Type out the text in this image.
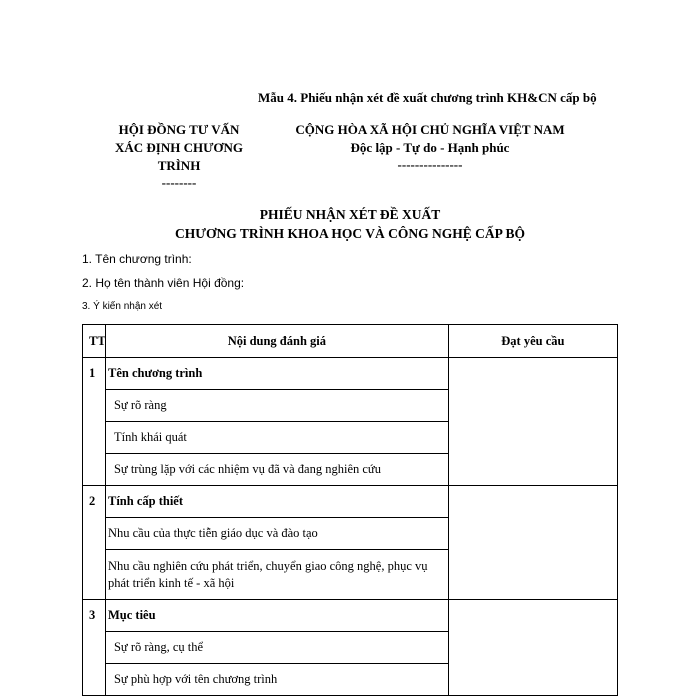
Mẫu 4. Phiếu nhận xét đề xuất chương trình KH&CN cấp bộ
HỘI ĐỒNG TƯ VẤN
XÁC ĐỊNH CHƯƠNG
TRÌNH
--------
CỘNG HÒA XÃ HỘI CHỦ NGHĨA VIỆT NAM
Độc lập - Tự do - Hạnh phúc
---------------
PHIẾU NHẬN XÉT ĐỀ XUẤT
CHƯƠNG TRÌNH KHOA HỌC VÀ CÔNG NGHỆ CẤP BỘ
1. Tên chương trình:
2. Họ tên thành viên Hội đồng:
3. Ý kiến nhận xét
TT	Nội dung đánh giá	Đạt yêu cầu
1	Tên chương trình	
	Sự rõ ràng	
	Tính khái quát	
	Sự trùng lặp với các nhiệm vụ đã và đang nghiên cứu	
2	Tính cấp thiết	
	Nhu cầu của thực tiễn giáo dục và đào tạo	
	Nhu cầu nghiên cứu phát triển, chuyển giao công nghệ, phục vụ phát triển kinh tế - xã hội	
3	Mục tiêu	
	Sự rõ ràng, cụ thể	
	Sự phù hợp với tên chương trình	
